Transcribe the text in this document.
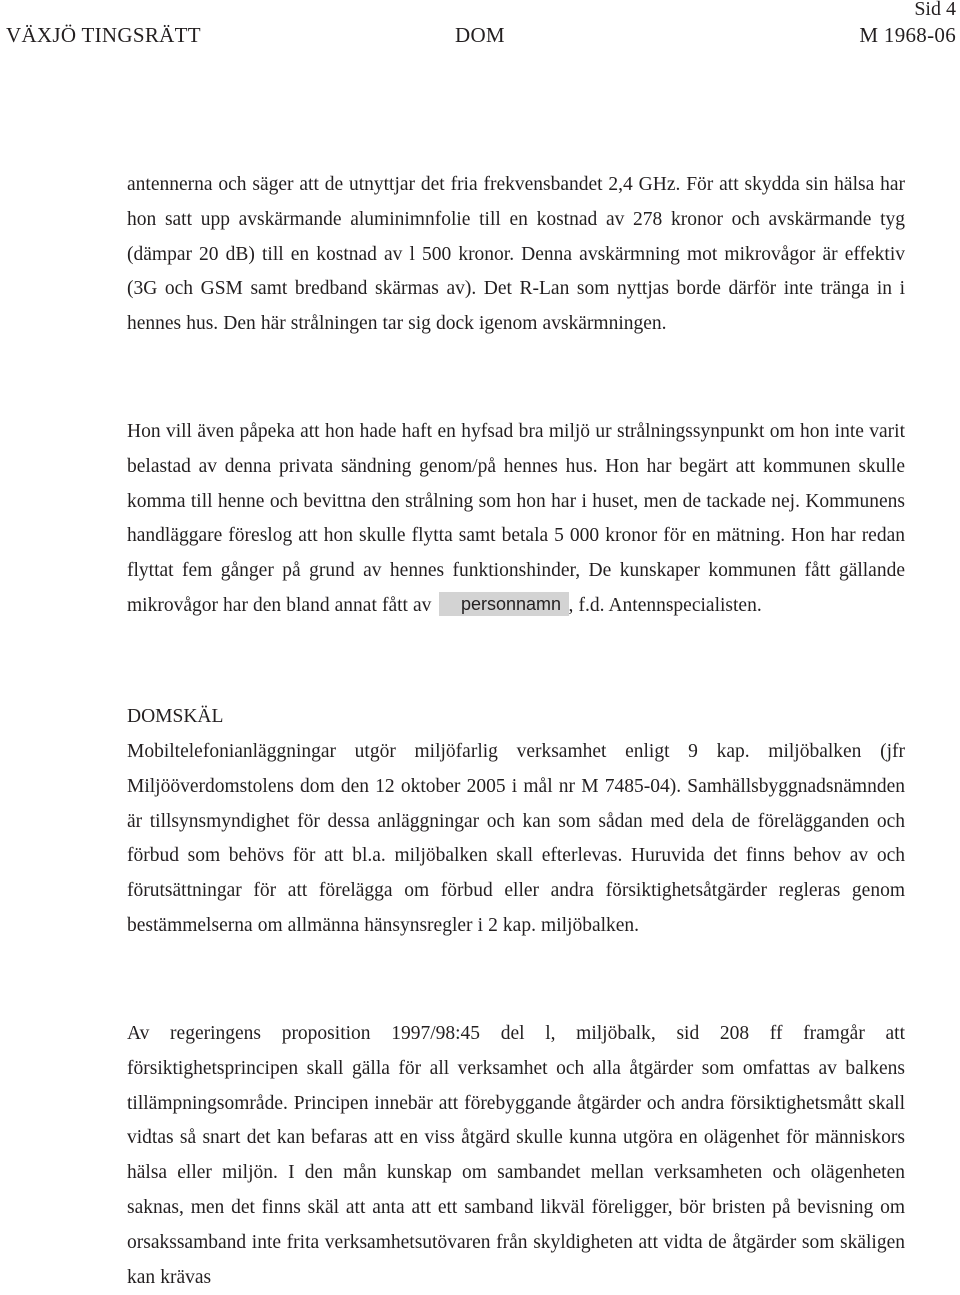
Sid 4
VÄXJÖ TINGSRÄTT	DOM	M 1968-06

antennerna och säger att de utnyttjar det fria frekvensbandet 2,4 GHz. För att skydda sin hälsa har hon satt upp avskärmande aluminimnfolie till en kostnad av 278 kronor och avskärmande tyg (dämpar 20 dB) till en kostnad av l 500 kronor. Denna avskärmning mot mikrovågor är effektiv (3G och GSM samt bredband skärmas av). Det R-Lan som nyttjas borde därför inte tränga in i hennes hus. Den här strålningen tar sig dock igenom avskärmningen.

Hon vill även påpeka att hon hade haft en hyfsad bra miljö ur strålningssynpunkt om hon inte varit belastad av denna privata sändning genom/på hennes hus. Hon har begärt att kommunen skulle komma till henne och bevittna den strålning som hon har i huset, men de tackade nej. Kommunens handläggare föreslog att hon skulle flytta samt betala 5 000 kronor för en mätning. Hon har redan flyttat fem gånger på grund av hennes funktionshinder, De kunskaper kommunen fått gällande mikrovågor har den bland annat fått av personnamn , f.d. Antennspecialisten.

DOMSKÄL

Mobiltelefonianläggningar utgör miljöfarlig verksamhet enligt 9 kap. miljöbalken (jfr Miljööverdomstolens dom den 12 oktober 2005 i mål nr M 7485-04). Samhällsbyggnadsnämnden är tillsynsmyndighet för dessa anläggningar och kan som sådan med dela de förelägganden och förbud som behövs för att bl.a. miljöbalken skall efterlevas. Huruvida det finns behov av och förutsättningar för att förelägga om förbud eller andra försiktighetsåtgärder regleras genom bestämmelserna om allmänna hänsynsregler i 2 kap. miljöbalken.

Av regeringens proposition 1997/98:45 del l, miljöbalk, sid 208 ff framgår att försiktighetsprincipen skall gälla för all verksamhet och alla åtgärder som omfattas av balkens tillämpningsområde. Principen innebär att förebyggande åtgärder och andra försiktighetsmått skall vidtas så snart det kan befaras att en viss åtgärd skulle kunna utgöra en olägenhet för människors hälsa eller miljön. I den mån kunskap om sambandet mellan verksamheten och olägenheten saknas, men det finns skäl att anta att ett samband likväl föreligger, bör bristen på bevisning om orsakssamband inte frita verksamhetsutövaren från skyldigheten att vidta de åtgärder som skäligen kan krävas
